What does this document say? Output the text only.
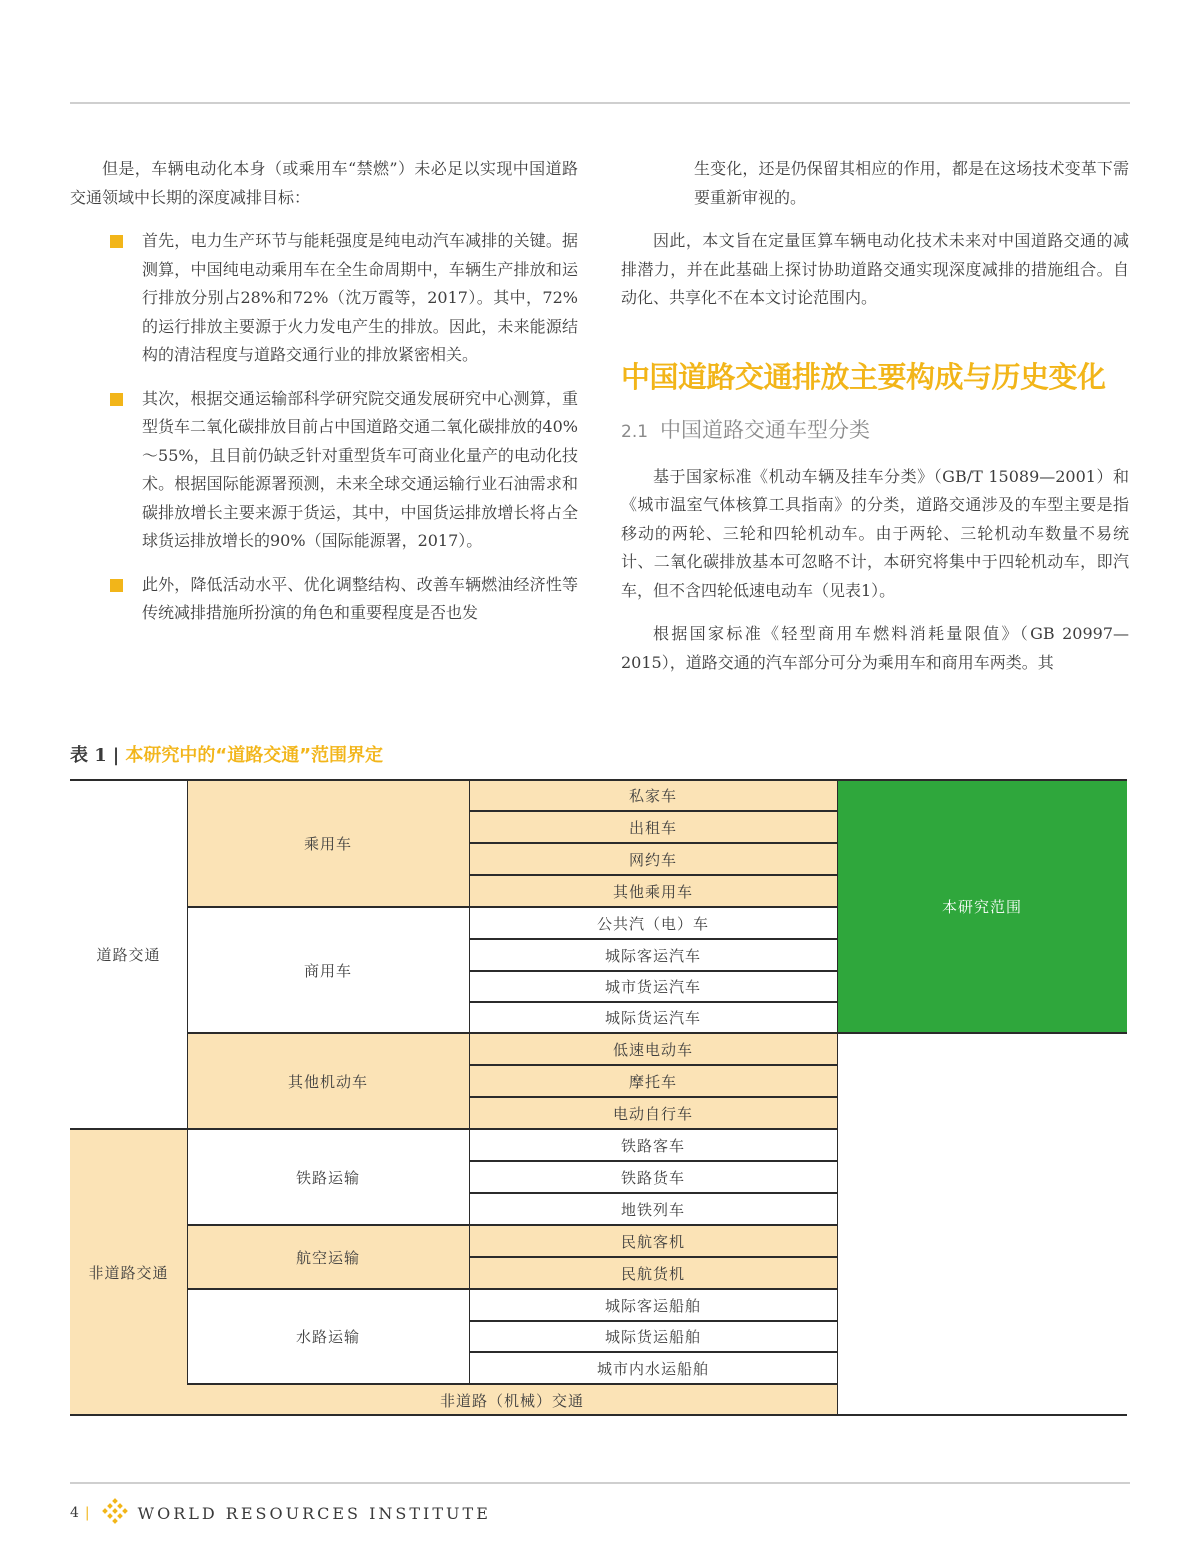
但是，车辆电动化本身（或乘用车“禁燃”）未必足以实现中国道路交通领域中长期的深度减排目标：

首先，电力生产环节与能耗强度是纯电动汽车减排的关键。据测算，中国纯电动乘用车在全生命周期中，车辆生产排放和运行排放分别占28%和72%（沈万霞等，2017）。其中，72%的运行排放主要源于火力发电产生的排放。因此，未来能源结构的清洁程度与道路交通行业的排放紧密相关。
其次，根据交通运输部科学研究院交通发展研究中心测算，重型货车二氧化碳排放目前占中国道路交通二氧化碳排放的40%～55%，且目前仍缺乏针对重型货车可商业化量产的电动化技术。根据国际能源署预测，未来全球交通运输行业石油需求和碳排放增长主要来源于货运，其中，中国货运排放增长将占全球货运排放增长的90%（国际能源署，2017）。
此外，降低活动水平、优化调整结构、改善车辆燃油经济性等传统减排措施所扮演的角色和重要程度是否也发

生变化，还是仍保留其相应的作用，都是在这场技术变革下需要重新审视的。

因此，本文旨在定量匡算车辆电动化技术未来对中国道路交通的减排潜力，并在此基础上探讨协助道路交通实现深度减排的措施组合。自动化、共享化不在本文讨论范围内。

中国道路交通排放主要构成与历史变化
2.1 中国道路交通车型分类

基于国家标准《机动车辆及挂车分类》（GB/T 15089—2001）和《城市温室气体核算工具指南》的分类，道路交通涉及的车型主要是指移动的两轮、三轮和四轮机动车。由于两轮、三轮机动车数量不易统计、二氧化碳排放基本可忽略不计，本研究将集中于四轮机动车，即汽车，但不含四轮低速电动车（见表1）。

根据国家标准《轻型商用车燃料消耗量限值》（GB 20997—2015），道路交通的汽车部分可分为乘用车和商用车两类。其

表 1 | 本研究中的“道路交通”范围界定
道路交通
非道路交通
乘用车
商用车
其他机动车
铁路运输
航空运输
水路运输
非道路（机械）交通
私家车
出租车
网约车
其他乘用车
公共汽（电）车
城际客运汽车
城市货运汽车
城际货运汽车
低速电动车
摩托车
电动自行车
铁路客车
铁路货车
地铁列车
民航客机
民航货机
城际客运船舶
城际货运船舶
城市内水运船舶
本研究范围
4 |	WORLD RESOURCES INSTITUTE
